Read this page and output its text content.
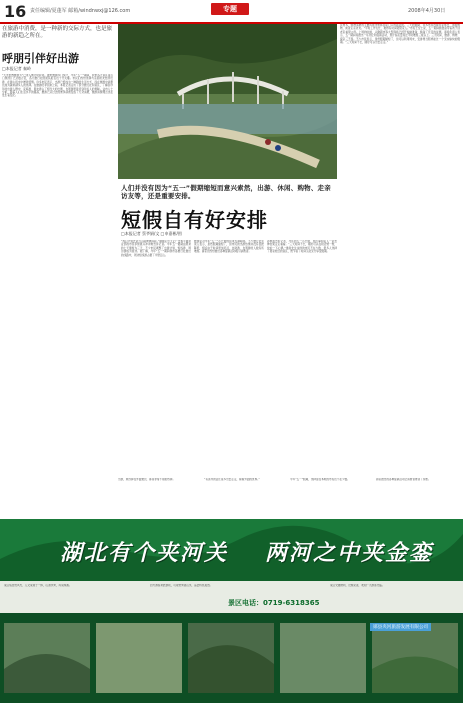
16 责任编辑/夏蓬军 邮箱/windnwxj@126.com	专题	2008年4月30日
在旅游中消费，是一种新的交际方式，也是旅游的新趋之所在。
呼朋引伴好出游
□本报记者 秦岭
“大丰世博旅游节”已进入倒计时阶段。据市旅游部门统计，今年“五一”期间，我市各大景区景点门票预订已达数万张，各大旅行社的团队报名也十分火爆。市民们纷纷选择与亲朋好友结伴出游，在游山玩水中增进感情。许多市民表示，出游已经成为一种新的生活方式，而在旅游中消费也成为越来越多人的选择。在旅游旺季到来之际，本报记者走访了部分旅行社和景区，了解到今年的出游人群中，家庭游、朋友游占了相当大的比例，自驾游更是受到年轻人的青睐。业内人士分析，随着人们生活水平的提高，旅游已从过去的奢侈消费变成了大众消费，旅游消费理念也在发生着变化。
民得多，购物消费的主要阵地也转移到家门口的商业街。三天的假期，许多市民选择在家休息、逛街购物，或者走亲访友。“平时工作太忙，难得有时间陪陪家人。”市民王女士说，五一期间她准备带着孩子回老家看望父母。上周的时候，兴隆超市等大型商场已经开始做准备，储备了充足的货源。商场负责人表示，五一期间将推出一系列让利促销活动，预计客流量将比平时增加三成以上。三天时间，旅游、购物、探亲三不误。不少市民表示，虽然假期缩短了，但可以利用周末，安排得当照样能过一个充实愉快的假期。“三天时间不长，刚好可以出去走走。”
人们并没有因为“五一”假期缩短而意兴索然，出游、休闲、购物、走亲访友等，还是重要安排。
短假自有好安排
□本报记者 蔡爷娟/文 □申嘉彬/图
“我们计划去武当山南神道探险。”刚刚走出天正广告和平路营业部的市民李智豪兴冲冲地告诉记者。今年五一假期由原来的七天缩短为三天，不少市民调整了出游计划，短线游、周边游成为首选。据了解，今年“五一”期间我市各旅行社推出的线路中，周边短线游占据了半壁江山。
旅游业对今年“五一”小长假的到来充满期待。不少旅行社负责人表示，虽然假期缩短了，但市民的出游热情并没有因此降低，相反由于时间更加灵活，自助游、自驾游的人数有所增加。商家也纷纷推出各种促销活动吸引消费者。
孙教祖告诉记者，今年的五一小长假，他打算和家人一起去神农架走走看看。“三天时间不长，刚好可以在附近转一转，放松一下心情。”像孙先生这样的市民不在少数，很多人选择了离家较近的景区，既节省了时间又能充分享受假期。
出游，或选择在外面聚会，都是非常不错的选择。	“有条件的话还是多出去走走，看看外面的世界。”	今年“五一”假期，选择留在本地的市民也不在少数。	商家推出的各种促销活动让消费者得到了实惠。
湖北有个夹河关 两河之中夹金銮
景区集自然风光、人文景观于一体，山清水秀，风景如画。	四方游客来此游玩，可观赏秀美山水，品尝特色美食。	景区交通便利，设施完善，欢迎广大游客光临。
景区电话：0719-6318365
郧县夹河旅游发展有限公司
